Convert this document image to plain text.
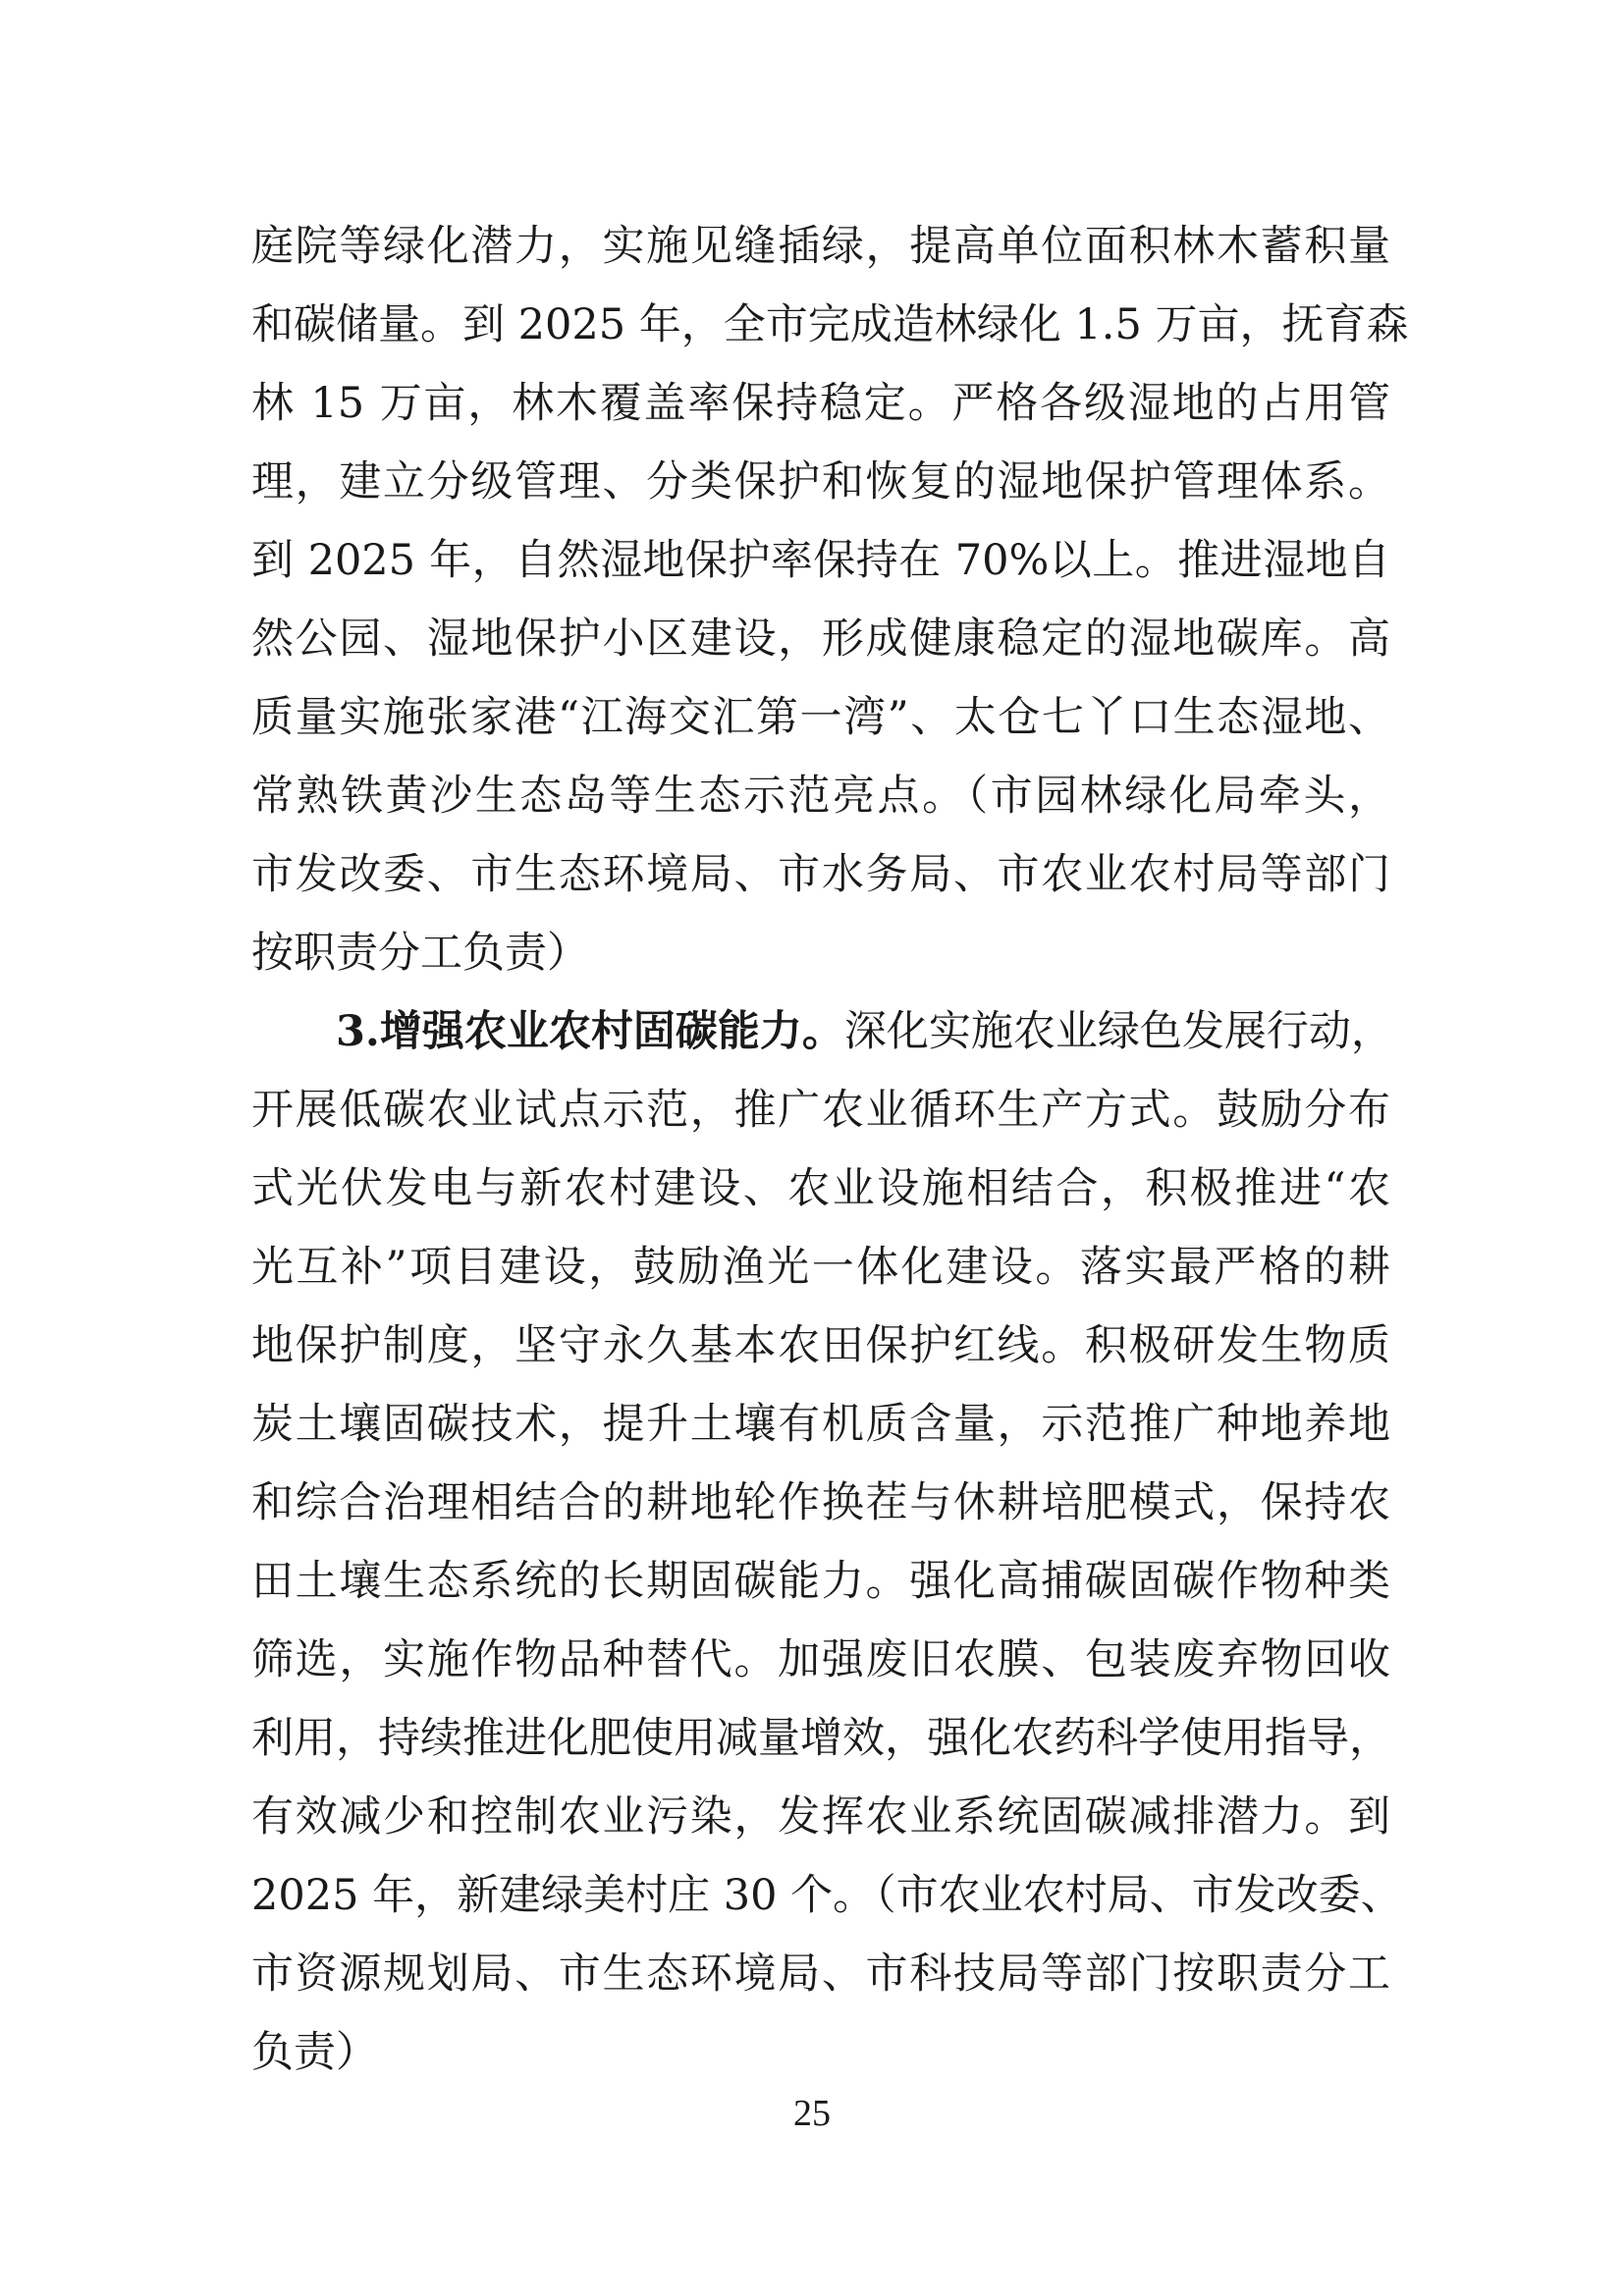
庭院等绿化潜力，实施见缝插绿，提高单位面积林木蓄积量
和碳储量。到 2025 年，全市完成造林绿化 1.5 万亩，抚育森
林 15 万亩，林木覆盖率保持稳定。严格各级湿地的占用管
理，建立分级管理、分类保护和恢复的湿地保护管理体系。
到 2025 年，自然湿地保护率保持在 70%以上。推进湿地自
然公园、湿地保护小区建设，形成健康稳定的湿地碳库。高
质量实施张家港“江海交汇第一湾”、太仓七丫口生态湿地、
常熟铁黄沙生态岛等生态示范亮点。（市园林绿化局牵头，
市发改委、市生态环境局、市水务局、市农业农村局等部门
按职责分工负责）
3.增强农业农村固碳能力。深化实施农业绿色发展行动，
开展低碳农业试点示范，推广农业循环生产方式。鼓励分布
式光伏发电与新农村建设、农业设施相结合，积极推进“农
光互补”项目建设，鼓励渔光一体化建设。落实最严格的耕
地保护制度，坚守永久基本农田保护红线。积极研发生物质
炭土壤固碳技术，提升土壤有机质含量，示范推广种地养地
和综合治理相结合的耕地轮作换茬与休耕培肥模式，保持农
田土壤生态系统的长期固碳能力。强化高捕碳固碳作物种类
筛选，实施作物品种替代。加强废旧农膜、包装废弃物回收
利用，持续推进化肥使用减量增效，强化农药科学使用指导，
有效减少和控制农业污染，发挥农业系统固碳减排潜力。到
2025 年，新建绿美村庄 30 个。（市农业农村局、市发改委、
市资源规划局、市生态环境局、市科技局等部门按职责分工
负责）
25
